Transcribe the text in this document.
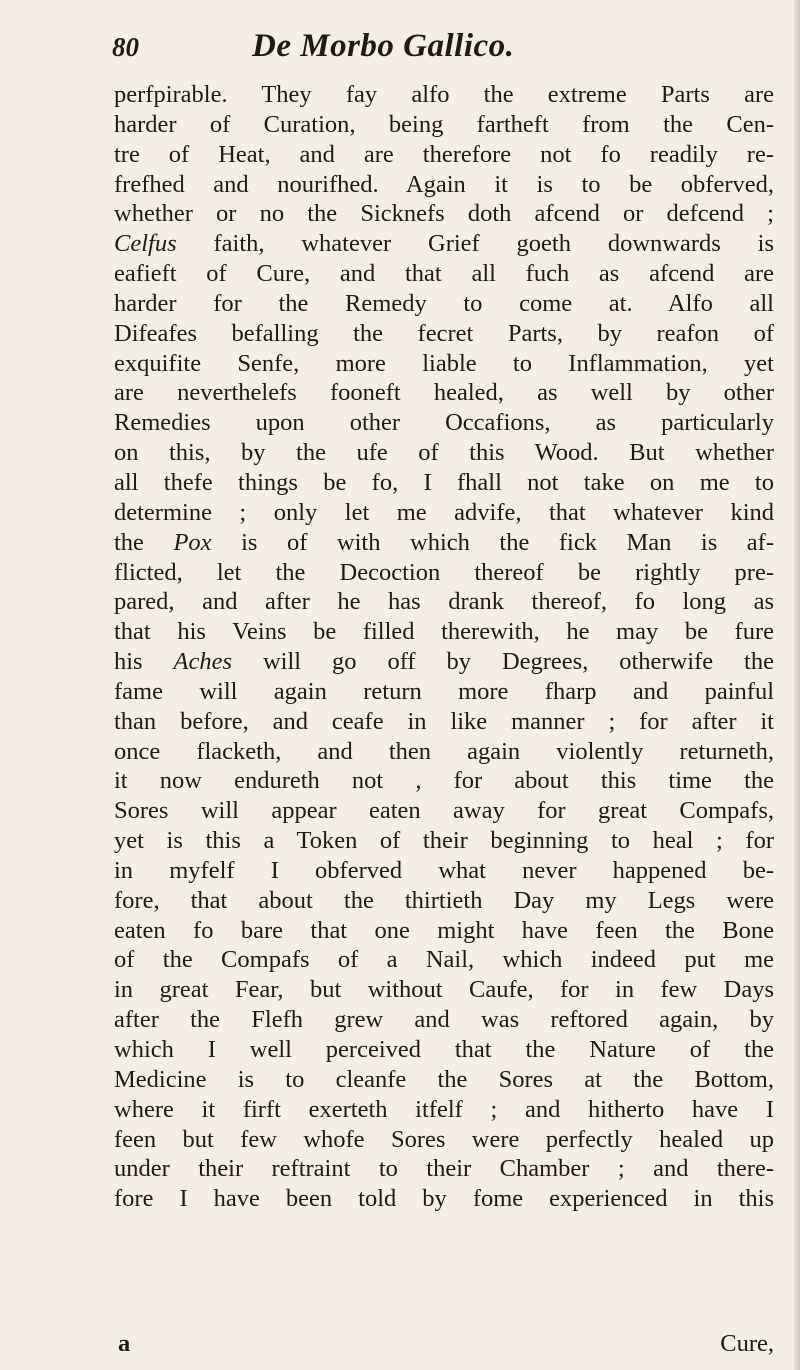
80	De Morbo Gallico.
perfpirable. They fay alfo the extreme Parts are
harder of Curation, being fartheft from the Cen-
tre of Heat, and are therefore not fo readily re-
frefhed and nourifhed. Again it is to be obferved,
whether or no the Sicknefs doth afcend or defcend ;
Celfus faith, whatever Grief goeth downwards is
eafieft of Cure, and that all fuch as afcend are
harder for the Remedy to come at. Alfo all
Difeafes befalling the fecret Parts, by reafon of
exquifite Senfe, more liable to Inflammation, yet
are neverthelefs fooneft healed, as well by other
Remedies upon other Occafions, as particularly
on this, by the ufe of this Wood. But whether
all thefe things be fo, I fhall not take on me to
determine ; only let me advife, that whatever kind
the Pox is of with which the fick Man is af-
flicted, let the Decoction thereof be rightly pre-
pared, and after he has drank thereof, fo long as
that his Veins be filled therewith, he may be fure
his Aches will go off by Degrees, otherwife the
fame will again return more fharp and painful
than before, and ceafe in like manner ; for after it
once flacketh, and then again violently returneth,
it now endureth not , for about this time the
Sores will appear eaten away for great Compafs,
yet is this a Token of their beginning to heal ; for
in myfelf I obferved what never happened be-
fore, that about the thirtieth Day my Legs were
eaten fo bare that one might have feen the Bone
of the Compafs of a Nail, which indeed put me
in great Fear, but without Caufe, for in few Days
after the Flefh grew and was reftored again, by
which I well perceived that the Nature of the
Medicine is to cleanfe the Sores at the Bottom,
where it firft exerteth itfelf ; and hitherto have I
feen but few whofe Sores were perfectly healed up
under their reftraint to their Chamber ; and there-
fore I have been told by fome experienced in this
a	Cure,
